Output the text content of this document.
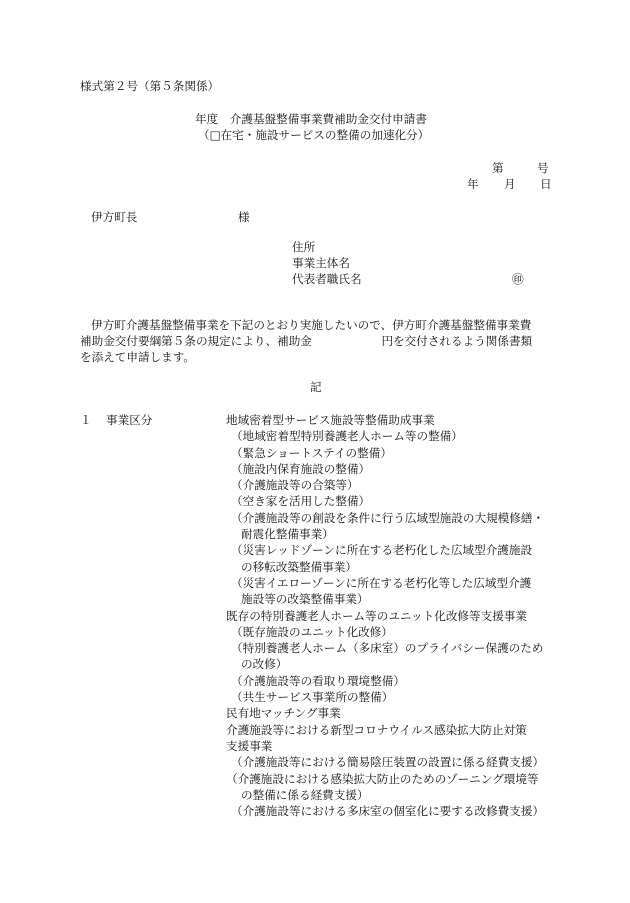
様式第２号（第５条関係）
年度　介護基盤整備事業費補助金交付申請書
（□在宅・施設サービスの整備の加速化分）
第	号
年 月 日
伊方町長	様
住所
事業主体名
代表者職氏名	㊞
伊方町介護基盤整備事業を下記のとおり実施したいので、伊方町介護基盤整備事業費
補助金交付要綱第５条の規定により、補助金　　　　　　円を交付されるよう関係書類
を添えて申請します。
記
１ 事業区分	地域密着型サービス施設等整備助成事業
（地域密着型特別養護老人ホーム等の整備）
（緊急ショートステイの整備）
（施設内保育施設の整備）
（介護施設等の合築等）
（空き家を活用した整備）
（介護施設等の創設を条件に行う広域型施設の大規模修繕・
耐震化整備事業）
（災害レッドゾーンに所在する老朽化した広域型介護施設
の移転改築整備事業）
（災害イエローゾーンに所在する老朽化等した広域型介護
施設等の改築整備事業）
既存の特別養護老人ホーム等のユニット化改修等支援事業
（既存施設のユニット化改修）
（特別養護老人ホーム（多床室）のプライバシー保護のため
の改修）
（介護施設等の看取り環境整備）
（共生サービス事業所の整備）
民有地マッチング事業
介護施設等における新型コロナウイルス感染拡大防止対策
支援事業
（介護施設等における簡易陰圧装置の設置に係る経費支援）
（介護施設における感染拡大防止のためのゾーニング環境等
の整備に係る経費支援）
（介護施設等における多床室の個室化に要する改修費支援）
